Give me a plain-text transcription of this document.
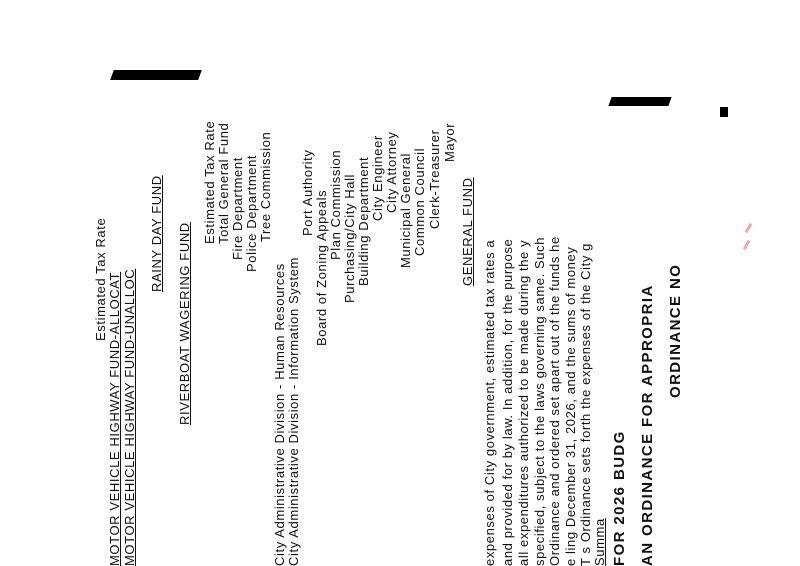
ORDINANCE NO
AN ORDINANCE FOR APPROPRIA
FOR 2026 BUDG
Summa
T s Ordinance sets forth the expenses of the City g
e ling December 31, 2026, and the sums of money
Ordinance and ordered set apart out of the funds he
specified, subject to the laws governing same. Such
all expenditures authorized to be made during the y
and provided for by law. In addition, for the purpose
expenses of City government, estimated tax rates a
GENERAL FUND
Mayor
Clerk-Treasurer
Common Council
Municipal General
City Attorney
City Engineer
Building Department
Purchasing/City Hall
Plan Commission
Board of Zoning Appeals
Port Authority
City Administrative Division - Information System
City Administrative Division - Human Resources
Tree Commission
Police Department
Fire Department
Total General Fund
Estimated Tax Rate
RIVERBOAT WAGERING FUND
RAINY DAY FUND
MOTOR VEHICLE HIGHWAY FUND-UNALLOC
MOTOR VEHICLE HIGHWAY FUND-ALLOCAT
Estimated Tax Rate
